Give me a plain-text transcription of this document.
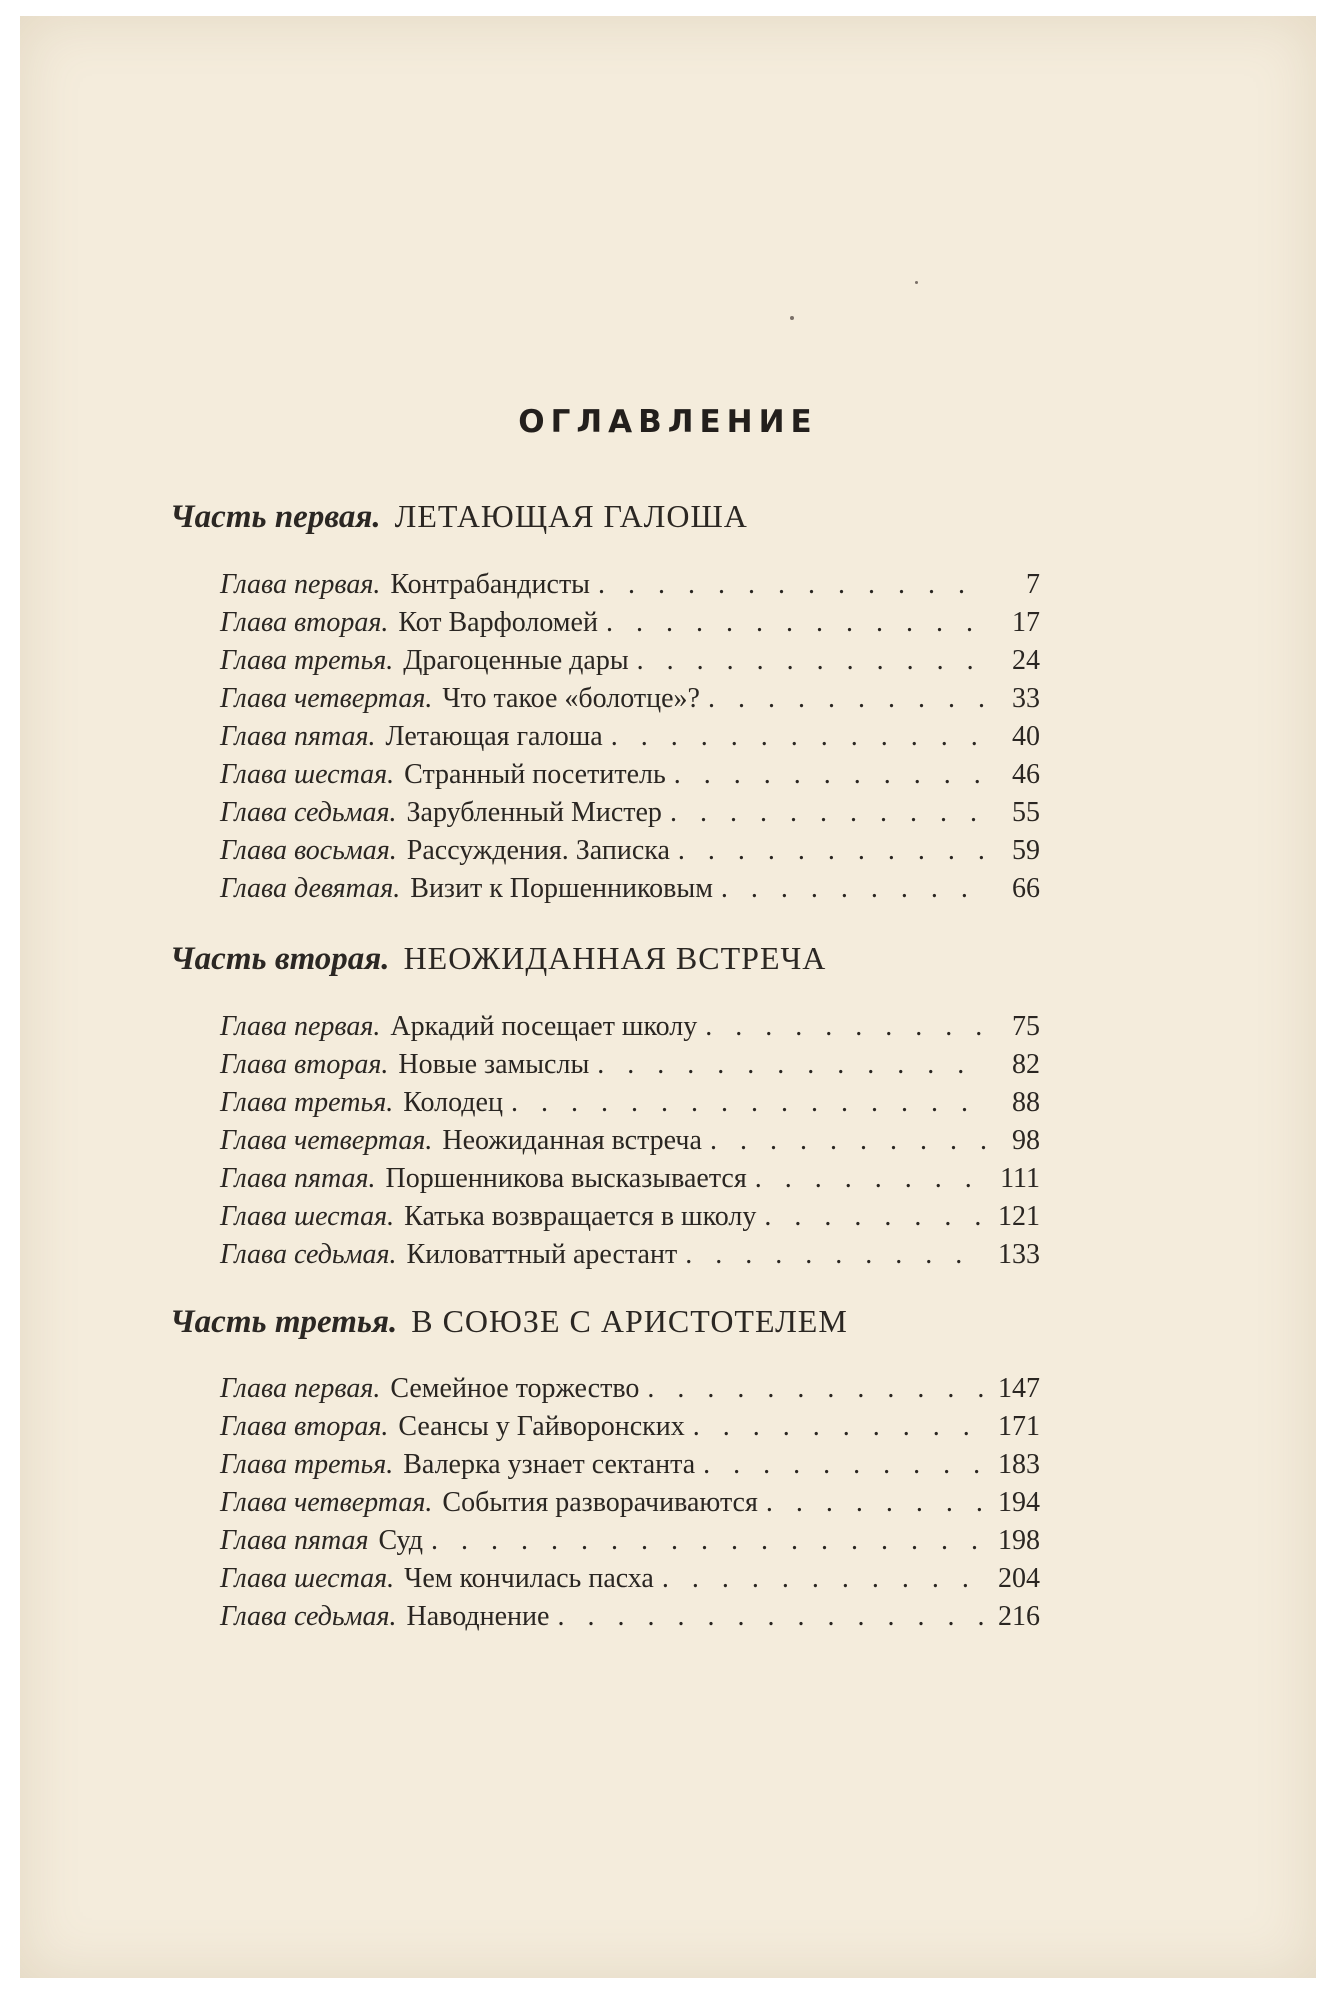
ОГЛАВЛЕНИЕ
Часть первая. ЛЕТАЮЩАЯ ГАЛОША
Глава первая. Контрабандисты . . .	7
Глава вторая. Кот Варфоломей . . .	17
Глава третья. Драгоценные дары . . .	24
Глава четвертая. Что такое «болотце»? . . .	33
Глава пятая. Летающая галоша . . .	40
Глава шестая. Странный посетитель . . .	46
Глава седьмая. Зарубленный Мистер . . .	55
Глава восьмая. Рассуждения. Записка . . .	59
Глава девятая. Визит к Поршенниковым . . .	66
Часть вторая. НЕОЖИДАННАЯ ВСТРЕЧА
Глава первая. Аркадий посещает школу . . .	75
Глава вторая. Новые замыслы . . .	82
Глава третья. Колодец . . .	88
Глава четвертая. Неожиданная встреча . . .	98
Глава пятая. Поршенникова высказывается . . .	111
Глава шестая. Катька возвращается в школу . . .	121
Глава седьмая. Киловаттный арестант . . .	133
Часть третья. В СОЮЗЕ С АРИСТОТЕЛЕМ
Глава первая. Семейное торжество . . .	147
Глава вторая. Сеансы у Гайворонских . . .	171
Глава третья. Валерка узнает сектанта . . .	183
Глава четвертая. События разворачиваются . . .	194
Глава пятая Суд . . .	198
Глава шестая. Чем кончилась пасха . . .	204
Глава седьмая. Наводнение . . .	216
